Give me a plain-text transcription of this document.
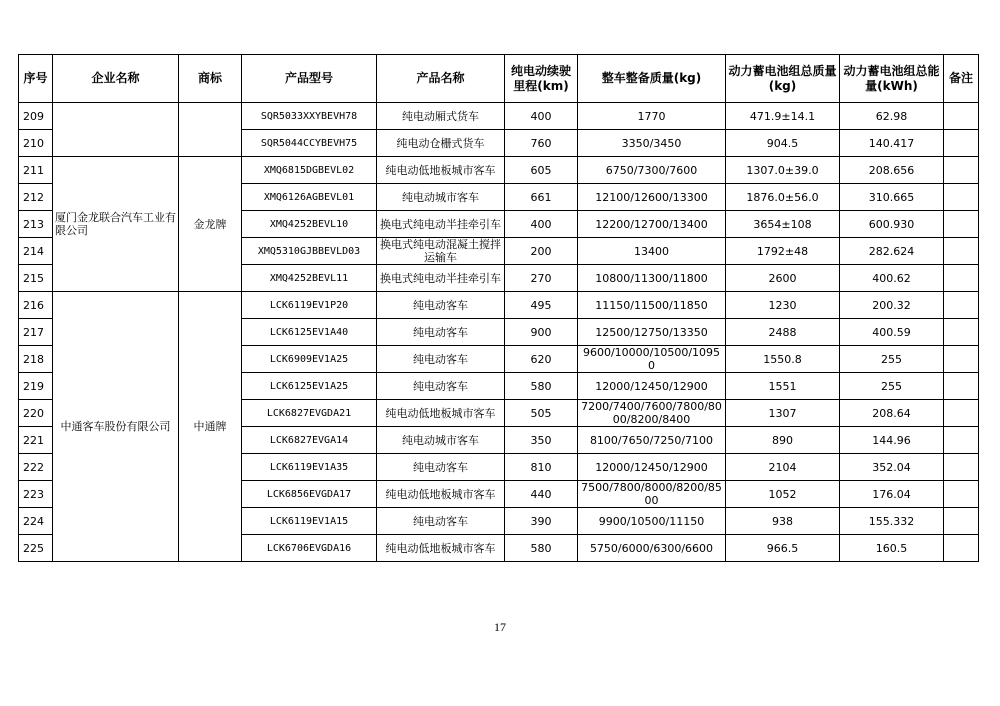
序号	企业名称	商标	产品型号	产品名称	纯电动续驶里程(km)	整车整备质量(kg)	动力蓄电池组总质量(kg)	动力蓄电池组总能量(kWh)	备注
209			SQR5033XXYBEVH78	纯电动厢式货车	400	1770	471.9±14.1	62.98	
210			SQR5044CCYBEVH75	纯电动仓栅式货车	760	3350/3450	904.5	140.417	
211	厦门金龙联合汽车工业有限公司	金龙牌	XMQ6815DGBEVL02	纯电动低地板城市客车	605	6750/7300/7600	1307.0±39.0	208.656	
212			XMQ6126AGBEVL01	纯电动城市客车	661	12100/12600/13300	1876.0±56.0	310.665	
213			XMQ4252BEVL10	换电式纯电动半挂牵引车	400	12200/12700/13400	3654±108	600.930	
214			XMQ5310GJBBEVLD03	换电式纯电动混凝土搅拌运输车	200	13400	1792±48	282.624	
215			XMQ4252BEVL11	换电式纯电动半挂牵引车	270	10800/11300/11800	2600	400.62	
216	中通客车股份有限公司	中通牌	LCK6119EV1P20	纯电动客车	495	11150/11500/11850	1230	200.32	
217			LCK6125EV1A40	纯电动客车	900	12500/12750/13350	2488	400.59	
218			LCK6909EV1A25	纯电动客车	620	9600/10000/10500/10950	1550.8	255	
219			LCK6125EV1A25	纯电动客车	580	12000/12450/12900	1551	255	
220			LCK6827EVGDA21	纯电动低地板城市客车	505	7200/7400/7600/7800/8000/8200/8400	1307	208.64	
221			LCK6827EVGA14	纯电动城市客车	350	8100/7650/7250/7100	890	144.96	
222			LCK6119EV1A35	纯电动客车	810	12000/12450/12900	2104	352.04	
223			LCK6856EVGDA17	纯电动低地板城市客车	440	7500/7800/8000/8200/8500	1052	176.04	
224			LCK6119EV1A15	纯电动客车	390	9900/10500/11150	938	155.332	
225			LCK6706EVGDA16	纯电动低地板城市客车	580	5750/6000/6300/6600	966.5	160.5	
17
